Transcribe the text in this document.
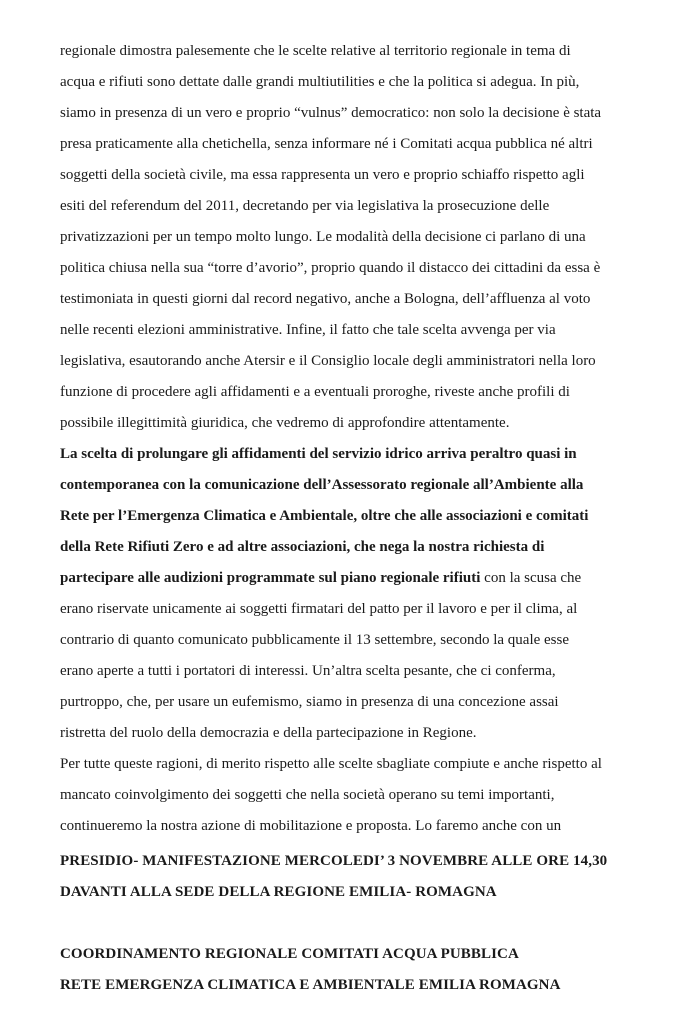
regionale dimostra palesemente che le scelte relative al territorio regionale in tema di
acqua e rifiuti sono dettate dalle grandi multiutilities e che la politica si adegua. In più,
siamo in presenza di un vero e proprio “vulnus” democratico: non solo la decisione è stata
presa praticamente alla chetichella, senza informare né i Comitati acqua pubblica né altri
soggetti della società civile, ma essa rappresenta un vero e proprio schiaffo rispetto agli
esiti del referendum del 2011, decretando per via legislativa la prosecuzione delle
privatizzazioni per un tempo molto lungo. Le modalità della decisione ci parlano di una
politica chiusa nella sua “torre d’avorio”, proprio quando il distacco dei cittadini da essa è
testimoniata in questi giorni dal record negativo, anche a Bologna, dell’affluenza al voto
nelle recenti elezioni amministrative. Infine, il fatto che tale scelta avvenga per via
legislativa, esautorando anche Atersir e il Consiglio locale degli amministratori nella loro
funzione di procedere agli affidamenti e a eventuali proroghe, riveste anche profili di
possibile illegittimità giuridica, che vedremo di approfondire attentamente.
La scelta di prolungare gli affidamenti del servizio idrico arriva peraltro quasi in
contemporanea con la comunicazione dell’Assessorato regionale all’Ambiente alla
Rete per l’Emergenza Climatica e Ambientale, oltre che alle associazioni e comitati
della Rete Rifiuti Zero e ad altre associazioni, che nega la nostra richiesta di
partecipare alle audizioni programmate sul piano regionale rifiuti con la scusa che
erano riservate unicamente ai soggetti firmatari del patto per il lavoro e per il clima, al
contrario di quanto comunicato pubblicamente il 13 settembre, secondo la quale esse
erano aperte a tutti i portatori di interessi. Un’altra scelta pesante, che ci conferma,
purtroppo, che, per usare un eufemismo, siamo in presenza di una concezione assai
ristretta del ruolo della democrazia e della partecipazione in Regione.
Per tutte queste ragioni, di merito rispetto alle scelte sbagliate compiute e anche rispetto al
mancato coinvolgimento dei soggetti che nella società operano su temi importanti,
continueremo la nostra azione di mobilitazione e proposta. Lo faremo anche con un
PRESIDIO- MANIFESTAZIONE MERCOLEDI’ 3 NOVEMBRE ALLE ORE 14,30
DAVANTI ALLA SEDE DELLA REGIONE EMILIA- ROMAGNA
COORDINAMENTO REGIONALE COMITATI ACQUA PUBBLICA
RETE EMERGENZA CLIMATICA E AMBIENTALE EMILIA ROMAGNA
